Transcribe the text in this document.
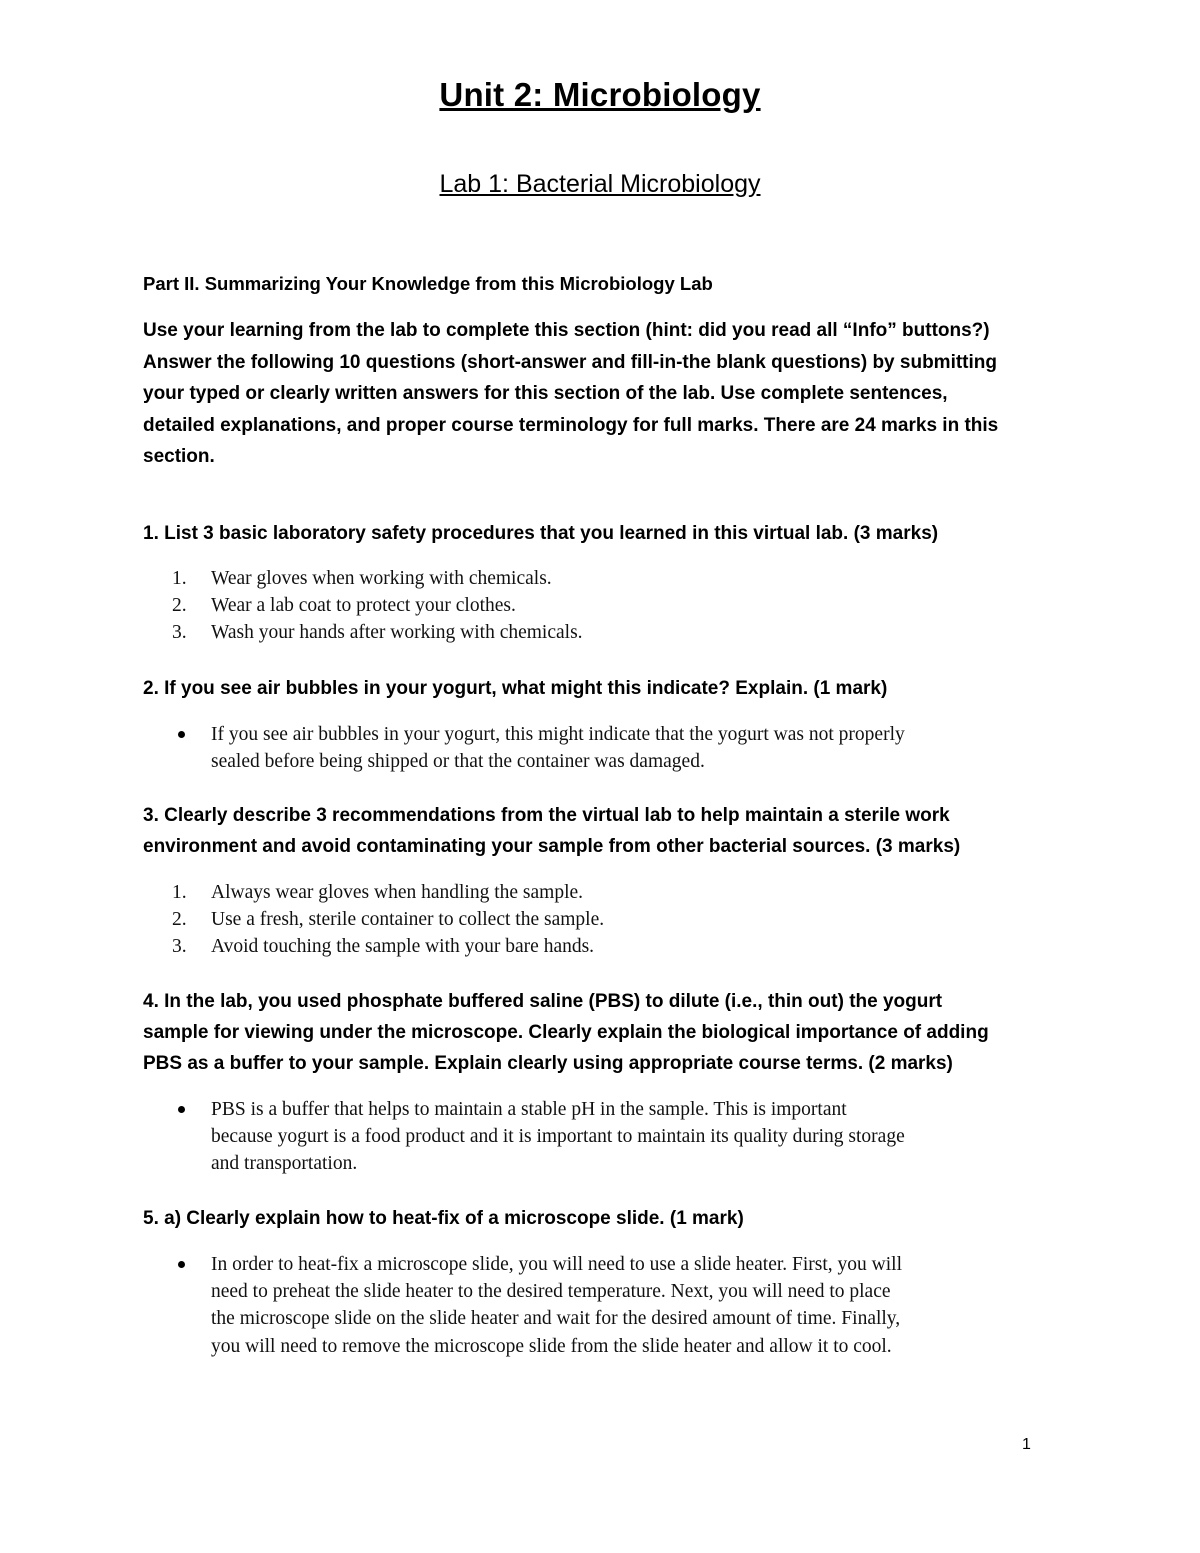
Unit 2: Microbiology
Lab 1: Bacterial Microbiology

Part II. Summarizing Your Knowledge from this Microbiology Lab

Use your learning from the lab to complete this section (hint: did you read all “Info” buttons?)
Answer the following 10 questions (short-answer and fill-in-the blank questions) by submitting
your typed or clearly written answers for this section of the lab. Use complete sentences,
detailed explanations, and proper course terminology for full marks. There are 24 marks in this
section.
1. List 3 basic laboratory safety procedures that you learned in this virtual lab. (3 marks)
1.	Wear gloves when working with chemicals.
2.	Wear a lab coat to protect your clothes.
3.	Wash your hands after working with chemicals.
2. If you see air bubbles in your yogurt, what might this indicate? Explain. (1 mark)
If you see air bubbles in your yogurt, this might indicate that the yogurt was not properly
sealed before being shipped or that the container was damaged.
3. Clearly describe 3 recommendations from the virtual lab to help maintain a sterile work
environment and avoid contaminating your sample from other bacterial sources. (3 marks)
1.	Always wear gloves when handling the sample.
2.	Use a fresh, sterile container to collect the sample.
3.	Avoid touching the sample with your bare hands.
4. In the lab, you used phosphate buffered saline (PBS) to dilute (i.e., thin out) the yogurt
sample for viewing under the microscope. Clearly explain the biological importance of adding
PBS as a buffer to your sample. Explain clearly using appropriate course terms. (2 marks)
PBS is a buffer that helps to maintain a stable pH in the sample. This is important
because yogurt is a food product and it is important to maintain its quality during storage
and transportation.
5. a) Clearly explain how to heat-fix of a microscope slide. (1 mark)
In order to heat-fix a microscope slide, you will need to use a slide heater. First, you will
need to preheat the slide heater to the desired temperature. Next, you will need to place
the microscope slide on the slide heater and wait for the desired amount of time. Finally,
you will need to remove the microscope slide from the slide heater and allow it to cool.
1
